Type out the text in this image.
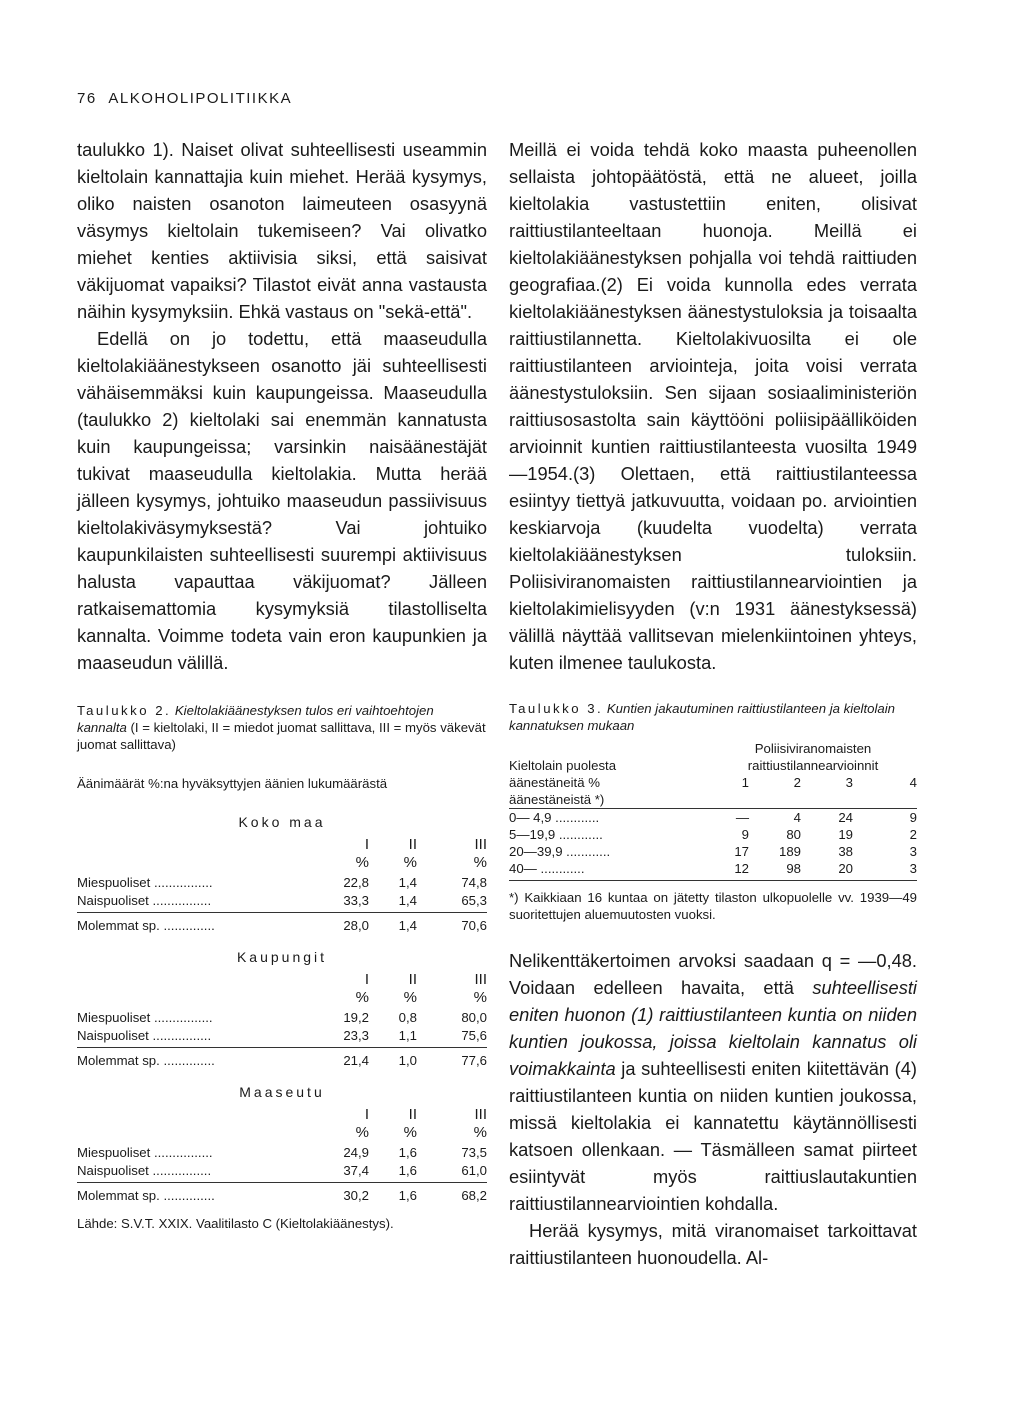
76 ALKOHOLIPOLITIIKKA

taulukko 1). Naiset olivat suhteellisesti useammin kieltolain kannattajia kuin miehet. Herää kysymys, oliko naisten osanoton laimeuteen osasyynä väsymys kieltolain tukemiseen? Vai olivatko miehet kenties aktiivisia siksi, että saisivat väkijuomat vapaiksi? Tilastot eivät anna vastausta näihin kysymyksiin. Ehkä vastaus on "sekä-että".

Edellä on jo todettu, että maaseudulla kieltolakiäänestykseen osanotto jäi suhteellisesti vähäisemmäksi kuin kaupungeissa. Maaseudulla (taulukko 2) kieltolaki sai enemmän kannatusta kuin kaupungeissa; varsinkin naisäänestäjät tukivat maaseudulla kieltolakia. Mutta herää jälleen kysymys, johtuiko maaseudun passiivisuus kieltolakiväsymyksestä? Vai johtuiko kaupunkilaisten suhteellisesti suurempi aktiivisuus halusta vapauttaa väkijuomat? Jälleen ratkaisemattomia kysymyksiä tilastolliselta kannalta. Voimme todeta vain eron kaupunkien ja maaseudun välillä.

Taulukko 2. Kieltolakiäänestyksen tulos eri vaihtoehtojen kannalta (I = kieltolaki, II = miedot juomat sallittava, III = myös väkevät juomat sallittava)

Äänimäärät %:na hyväksyttyjen äänien lukumäärästä

Koko maa

I	II	III
%	%	%
Miespuoliset ................	22,8	1,4	74,8
Naispuoliset ................	33,3	1,4	65,3
Molemmat sp. ..............	28,0	1,4	70,6

Kaupungit

I	II	III
%	%	%
Miespuoliset ................	19,2	0,8	80,0
Naispuoliset ................	23,3	1,1	75,6
Molemmat sp. ..............	21,4	1,0	77,6

Maaseutu

I	II	III
%	%	%
Miespuoliset ................	24,9	1,6	73,5
Naispuoliset ................	37,4	1,6	61,0
Molemmat sp. ..............	30,2	1,6	68,2

Lähde: S.V.T. XXIX. Vaalitilasto C (Kieltolakiäänestys).

Meillä ei voida tehdä koko maasta puheenollen sellaista johtopäätöstä, että ne alueet, joilla kieltolakia vastustettiin eniten, olisivat raittiustilanteeltaan huonoja. Meillä ei kieltolakiäänestyksen pohjalla voi tehdä raittiuden geografiaa.(2) Ei voida kunnolla edes verrata kieltolakiäänestyksen äänestystuloksia ja toisaalta raittiustilannetta. Kieltolakivuosilta ei ole raittiustilanteen arviointeja, joita voisi verrata äänestystuloksiin. Sen sijaan sosiaaliministeriön raittiusosastolta sain käyttööni poliisipäälliköiden arvioinnit kuntien raittiustilanteesta vuosilta 1949—1954.(3) Olettaen, että raittiustilanteessa esiintyy tiettyä jatkuvuutta, voidaan po. arviointien keskiarvoja (kuudelta vuodelta) verrata kieltolakiäänestyksen tuloksiin. Poliisiviranomaisten raittiustilannearviointien ja kieltolakimielisyyden (v:n 1931 äänestyksessä) välillä näyttää vallitsevan mielenkiintoinen yhteys, kuten ilmenee taulukosta.

Taulukko 3. Kuntien jakautuminen raittiustilanteen ja kieltolain kannatuksen mukaan

Poliisiviranomaisten
Kieltolain puolesta	raittiustilannearvioinnit
äänestäneitä %	1	2	3	4
äänestäneistä *)
0— 4,9 ............	—	4	24	9
5—19,9 ............	9	80	19	2
20—39,9 ............	17	189	38	3
40— ............	12	98	20	3

*) Kaikkiaan 16 kuntaa on jätetty tilaston ulkopuolelle vv. 1939—49 suoritettujen aluemuutosten vuoksi.

Nelikenttäkertoimen arvoksi saadaan q = —0,48. Voidaan edelleen havaita, että suhteellisesti eniten huonon (1) raittiustilanteen kuntia on niiden kuntien joukossa, joissa kieltolain kannatus oli voimakkainta ja suhteellisesti eniten kiitettävän (4) raittiustilanteen kuntia on niiden kuntien joukossa, missä kieltolakia ei kannatettu käytännöllisesti katsoen ollenkaan. — Täsmälleen samat piirteet esiintyvät myös raittiuslautakuntien raittiustilannearviointien kohdalla.

Herää kysymys, mitä viranomaiset tarkoittavat raittiustilanteen huonoudella. Al-
